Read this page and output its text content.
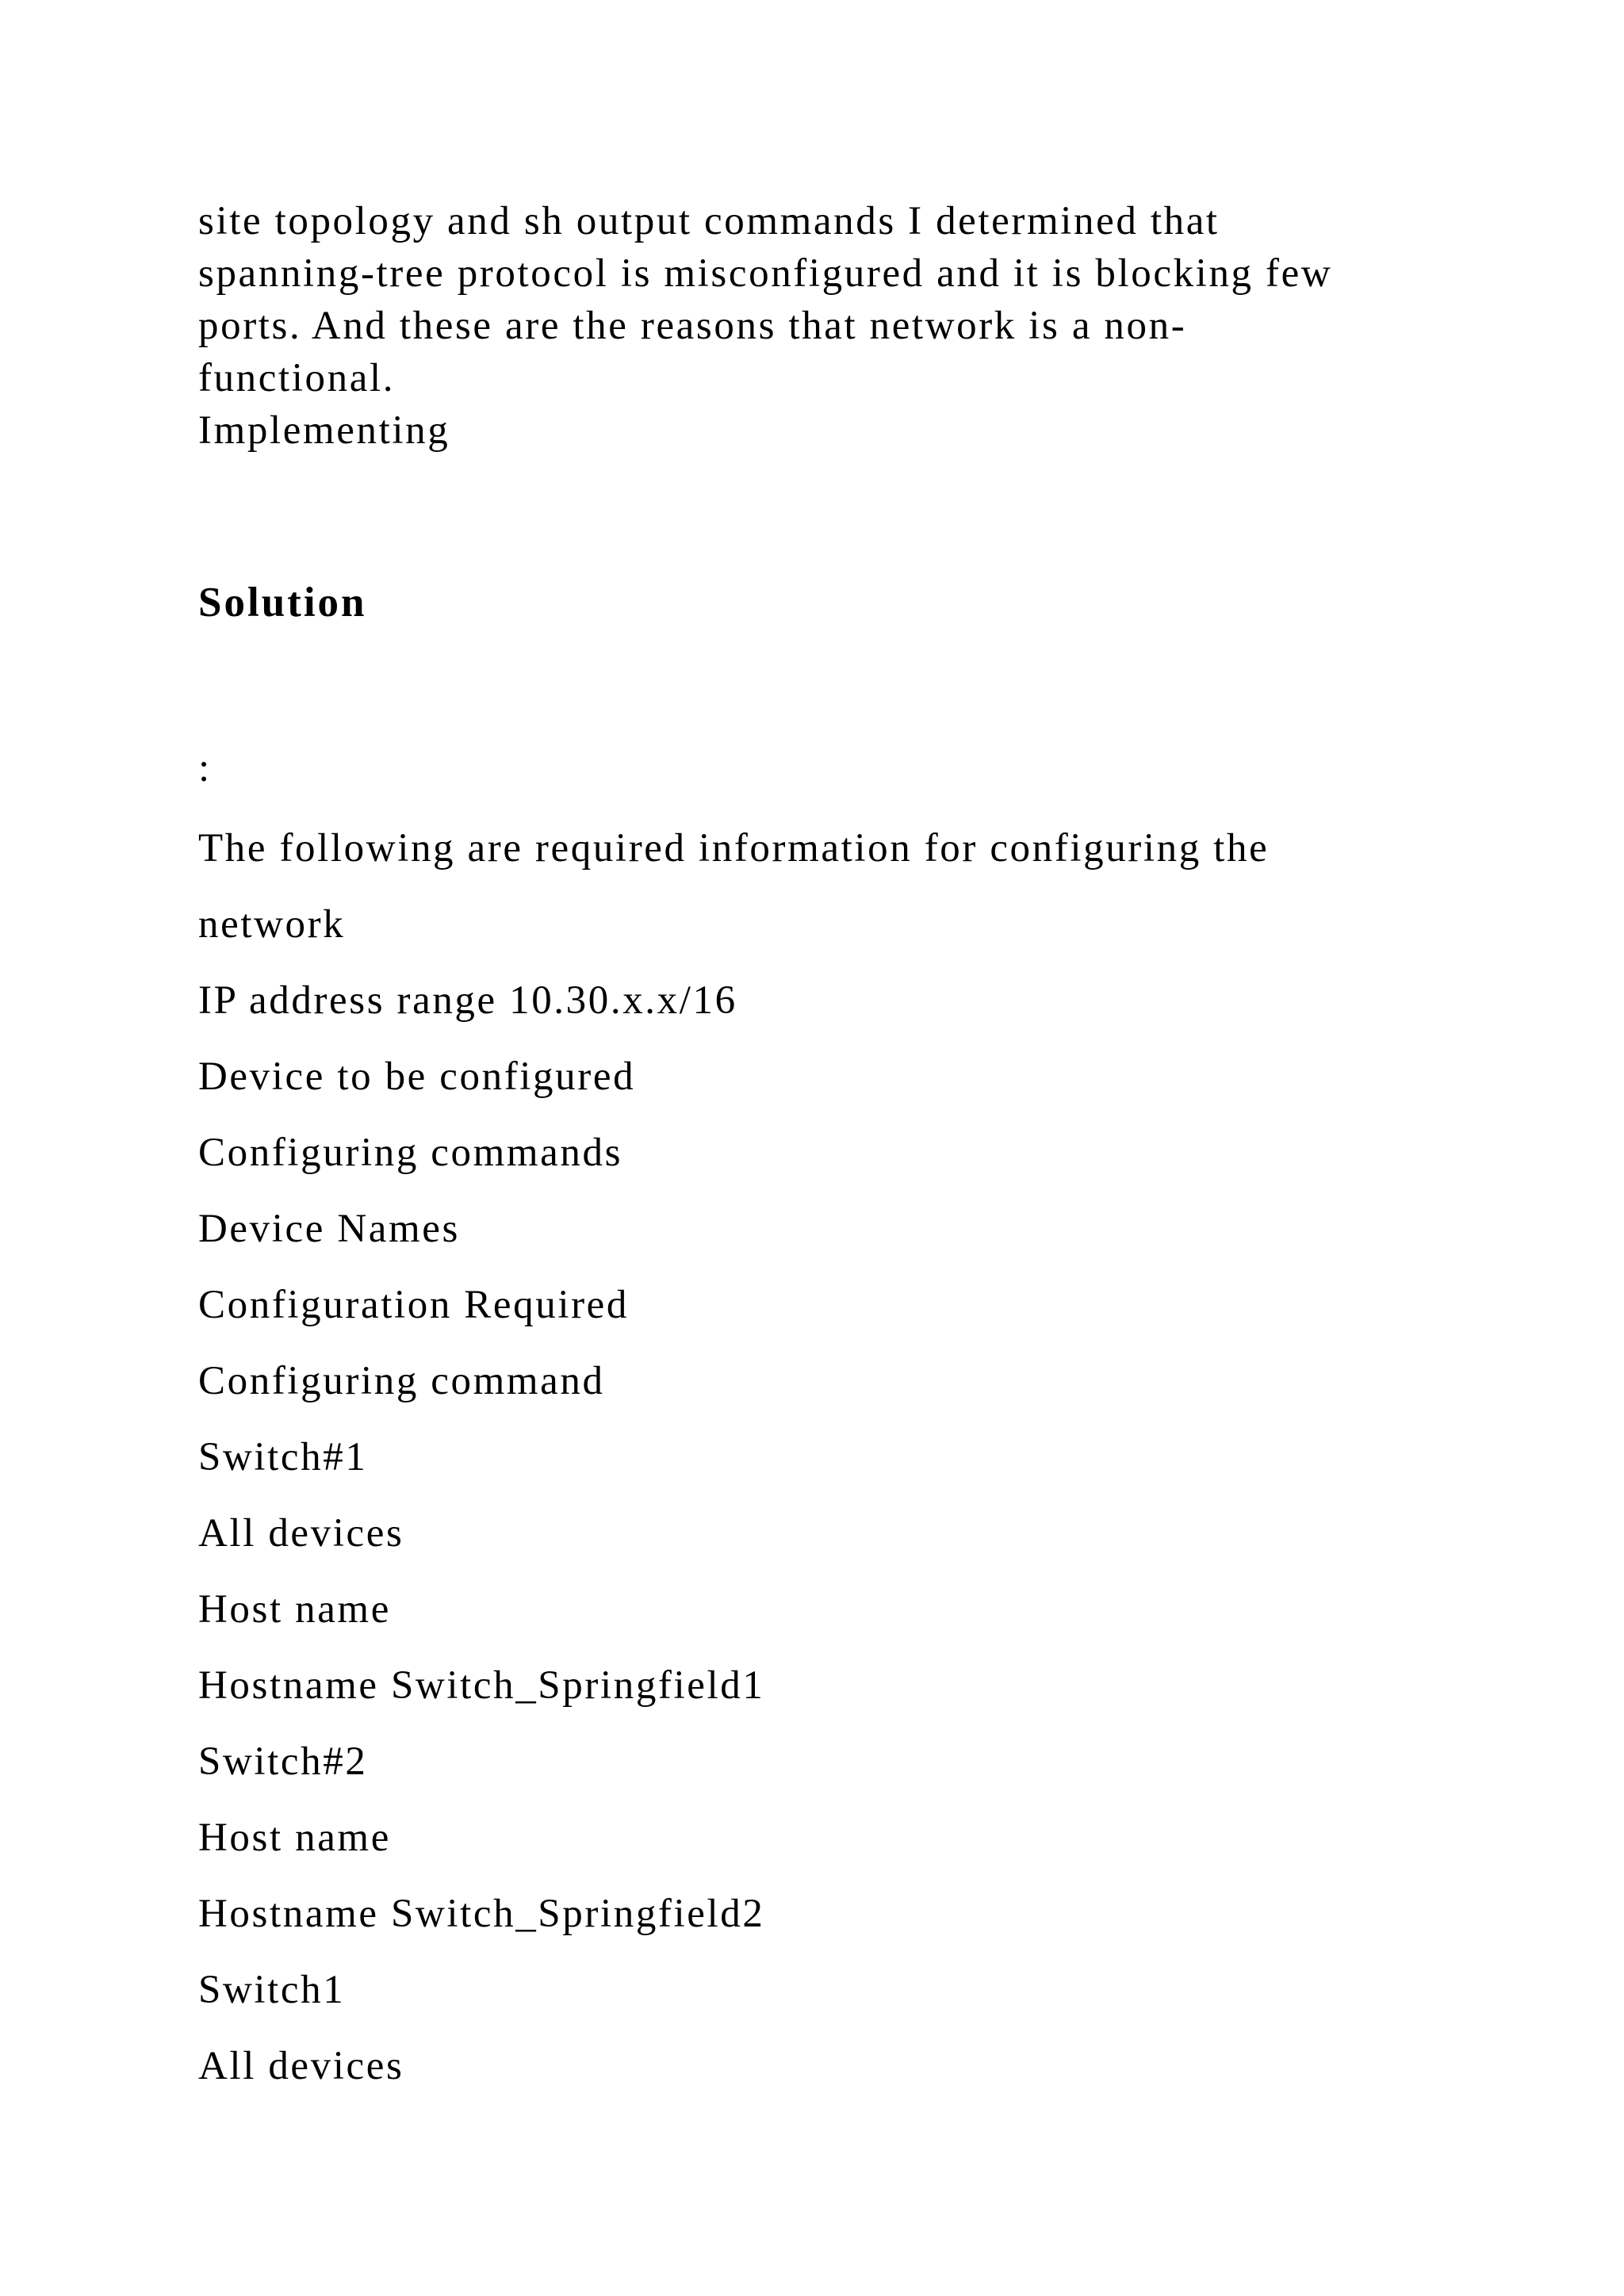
site topology and sh output commands I determined that
spanning-tree protocol is misconfigured and it is blocking few
ports. And these are the reasons that network is a non-
functional.
Implementing

Solution

:

The following are required information for configuring the
network
IP address range 10.30.x.x/16
Device to be configured
Configuring commands
Device Names
Configuration Required
Configuring command
Switch#1
All devices
Host name
Hostname Switch_Springfield1
Switch#2
Host name
Hostname Switch_Springfield2
Switch1
All devices
